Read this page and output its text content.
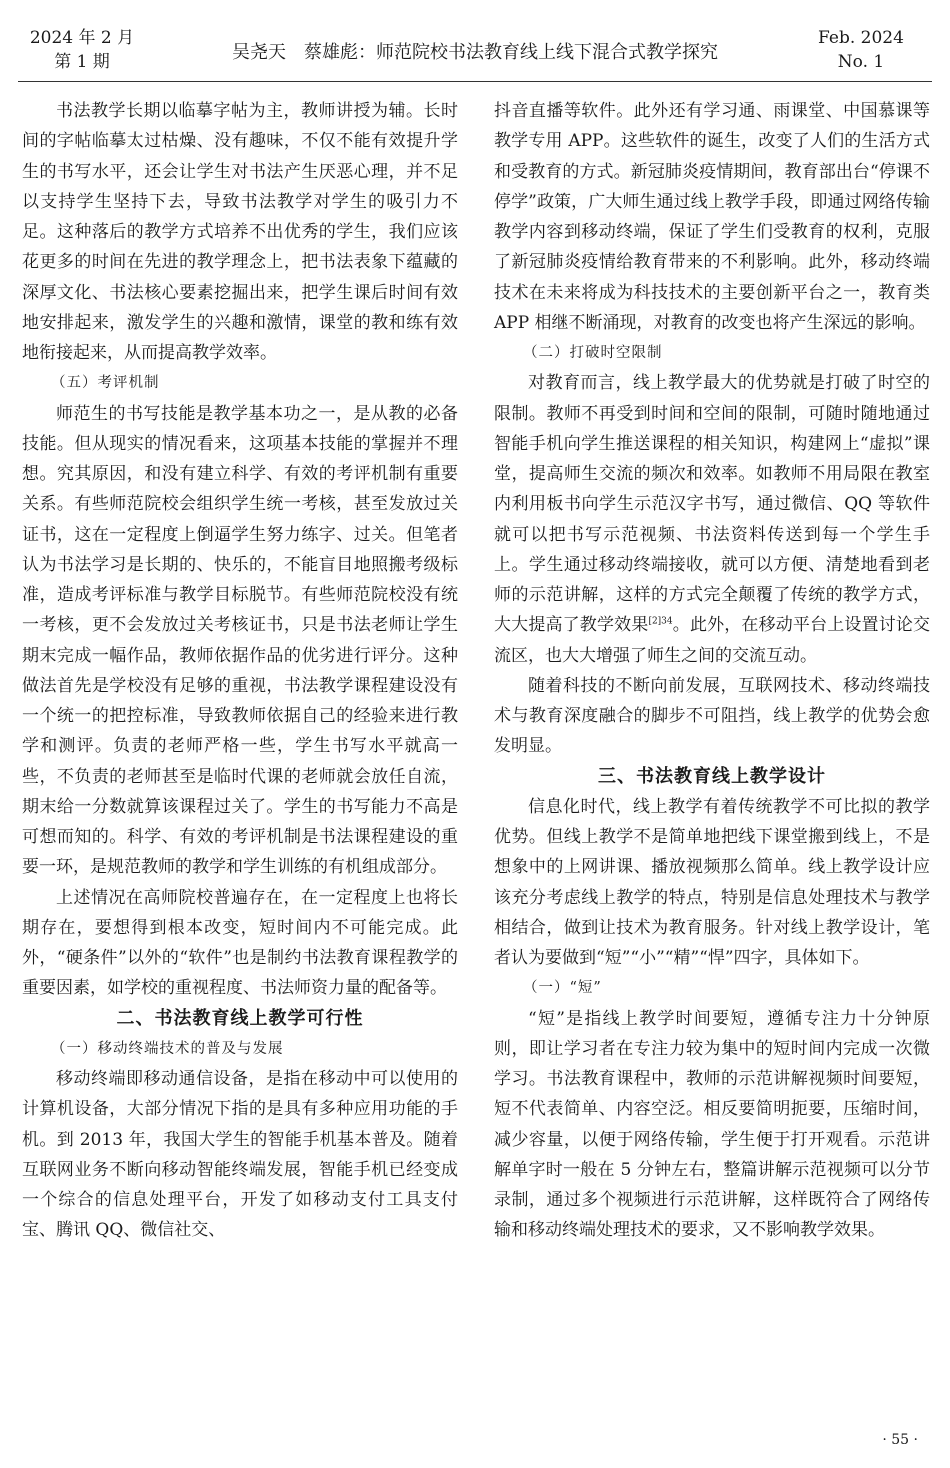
2024 年 2 月
第 1 期	吴尧天　蔡雄彪：师范院校书法教育线上线下混合式教学探究
Feb. 2024
No. 1

书法教学长期以临摹字帖为主，教师讲授为辅。长时间的字帖临摹太过枯燥、没有趣味，不仅不能有效提升学生的书写水平，还会让学生对书法产生厌恶心理，并不足以支持学生坚持下去，导致书法教学对学生的吸引力不足。这种落后的教学方式培养不出优秀的学生，我们应该花更多的时间在先进的教学理念上，把书法表象下蕴藏的深厚文化、书法核心要素挖掘出来，把学生课后时间有效地安排起来，激发学生的兴趣和激情，课堂的教和练有效地衔接起来，从而提高教学效率。

（五）考评机制

师范生的书写技能是教学基本功之一，是从教的必备技能。但从现实的情况看来，这项基本技能的掌握并不理想。究其原因，和没有建立科学、有效的考评机制有重要关系。有些师范院校会组织学生统一考核，甚至发放过关证书，这在一定程度上倒逼学生努力练字、过关。但笔者认为书法学习是长期的、快乐的，不能盲目地照搬考级标准，造成考评标准与教学目标脱节。有些师范院校没有统一考核，更不会发放过关考核证书，只是书法老师让学生期末完成一幅作品，教师依据作品的优劣进行评分。这种做法首先是学校没有足够的重视，书法教学课程建设没有一个统一的把控标准，导致教师依据自己的经验来进行教学和测评。负责的老师严格一些，学生书写水平就高一些，不负责的老师甚至是临时代课的老师就会放任自流，期末给一分数就算该课程过关了。学生的书写能力不高是可想而知的。科学、有效的考评机制是书法课程建设的重要一环，是规范教师的教学和学生训练的有机组成部分。

上述情况在高师院校普遍存在，在一定程度上也将长期存在，要想得到根本改变，短时间内不可能完成。此外，“硬条件”以外的“软件”也是制约书法教育课程教学的重要因素，如学校的重视程度、书法师资力量的配备等。

二、书法教育线上教学可行性
（一）移动终端技术的普及与发展

移动终端即移动通信设备，是指在移动中可以使用的计算机设备，大部分情况下指的是具有多种应用功能的手机。到 2013 年，我国大学生的智能手机基本普及。随着互联网业务不断向移动智能终端发展，智能手机已经变成一个综合的信息处理平台，开发了如移动支付工具支付宝、腾讯 QQ、微信社交、

抖音直播等软件。此外还有学习通、雨课堂、中国慕课等教学专用 APP。这些软件的诞生，改变了人们的生活方式和受教育的方式。新冠肺炎疫情期间，教育部出台“停课不停学”政策，广大师生通过线上教学手段，即通过网络传输教学内容到移动终端，保证了学生们受教育的权利，克服了新冠肺炎疫情给教育带来的不利影响。此外，移动终端技术在未来将成为科技技术的主要创新平台之一，教育类 APP 相继不断涌现，对教育的改变也将产生深远的影响。

（二）打破时空限制

对教育而言，线上教学最大的优势就是打破了时空的限制。教师不再受到时间和空间的限制，可随时随地通过智能手机向学生推送课程的相关知识，构建网上“虚拟”课堂，提高师生交流的频次和效率。如教师不用局限在教室内利用板书向学生示范汉字书写，通过微信、QQ 等软件就可以把书写示范视频、书法资料传送到每一个学生手上。学生通过移动终端接收，就可以方便、清楚地看到老师的示范讲解，这样的方式完全颠覆了传统的教学方式，大大提高了教学效果$^{[2]34}$。此外，在移动平台上设置讨论交流区，也大大增强了师生之间的交流互动。

随着科技的不断向前发展，互联网技术、移动终端技术与教育深度融合的脚步不可阻挡，线上教学的优势会愈发明显。

三、书法教育线上教学设计

信息化时代，线上教学有着传统教学不可比拟的教学优势。但线上教学不是简单地把线下课堂搬到线上，不是想象中的上网讲课、播放视频那么简单。线上教学设计应该充分考虑线上教学的特点，特别是信息处理技术与教学相结合，做到让技术为教育服务。针对线上教学设计，笔者认为要做到“短”“小”“精”“悍”四字，具体如下。

（一）“短”

“短”是指线上教学时间要短，遵循专注力十分钟原则，即让学习者在专注力较为集中的短时间内完成一次微学习。书法教育课程中，教师的示范讲解视频时间要短，短不代表简单、内容空泛。相反要简明扼要，压缩时间，减少容量，以便于网络传输，学生便于打开观看。示范讲解单字时一般在 5 分钟左右，整篇讲解示范视频可以分节录制，通过多个视频进行示范讲解，这样既符合了网络传输和移动终端处理技术的要求，又不影响教学效果。

· 55 ·
